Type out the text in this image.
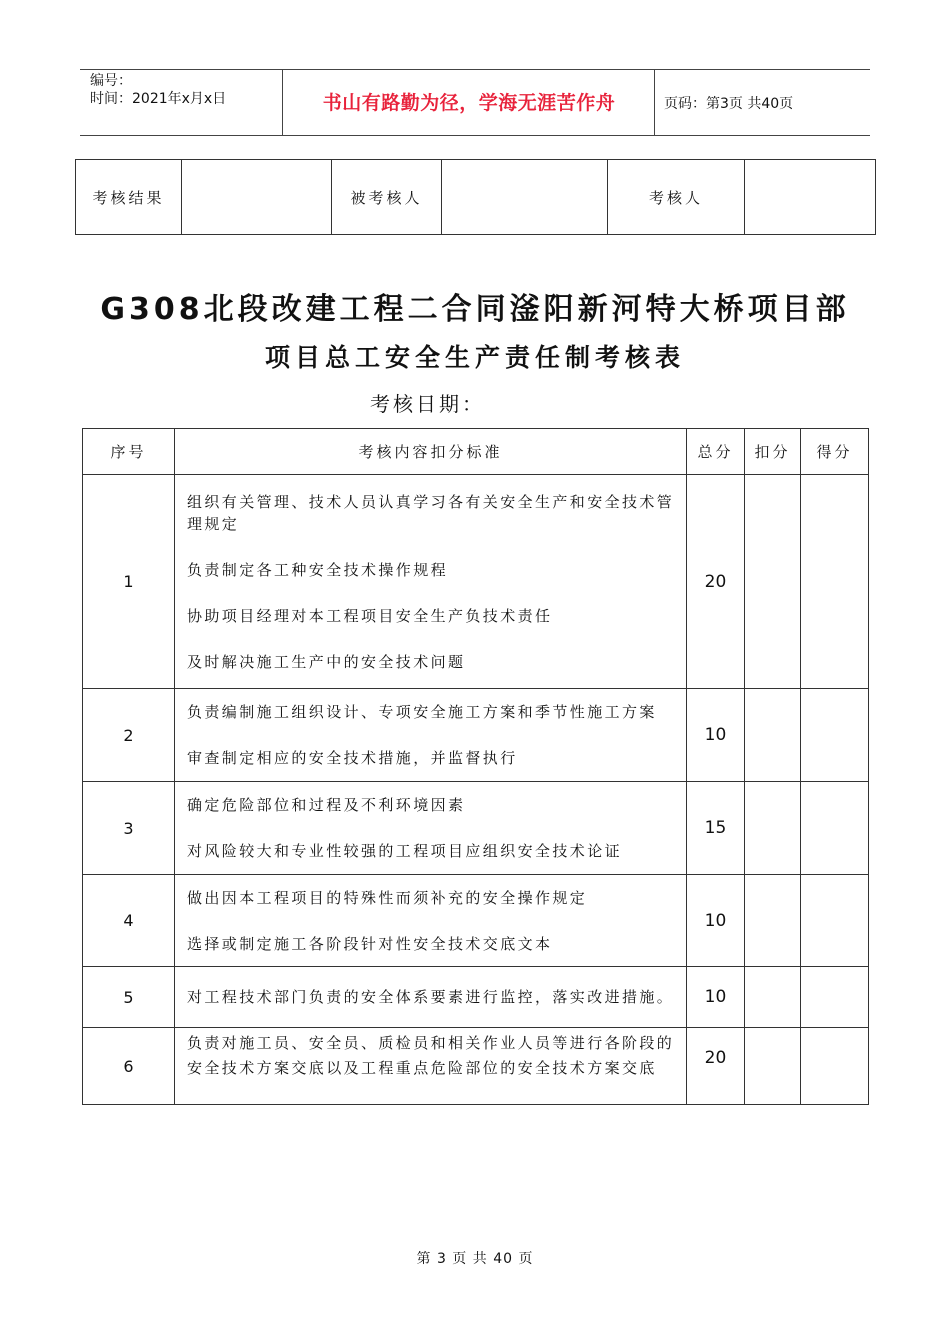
编号：
时间：2021年x月x日	书山有路勤为径，学海无涯苦作舟	页码：第3页 共40页
考核结果		被考核人		考核人	
G308北段改建工程二合同滏阳新河特大桥项目部
项目总工安全生产责任制考核表
考核日期：
序号	考核内容扣分标准	总分	扣分	得分
1	组织有关管理、技术人员认真学习各有关安全生产和安全技术管
理规定
负责制定各工种安全技术操作规程
协助项目经理对本工程项目安全生产负技术责任
及时解决施工生产中的安全技术问题	20		
2	负责编制施工组织设计、专项安全施工方案和季节性施工方案
审查制定相应的安全技术措施，并监督执行	10		
3	确定危险部位和过程及不利环境因素
对风险较大和专业性较强的工程项目应组织安全技术论证	15		
4	做出因本工程项目的特殊性而须补充的安全操作规定
选择或制定施工各阶段针对性安全技术交底文本	10		
5	对工程技术部门负责的安全体系要素进行监控，落实改进措施。	10		
6	负责对施工员、安全员、质检员和相关作业人员等进行各阶段的
安全技术方案交底以及工程重点危险部位的安全技术方案交底	20		
第 3 页 共 40 页
